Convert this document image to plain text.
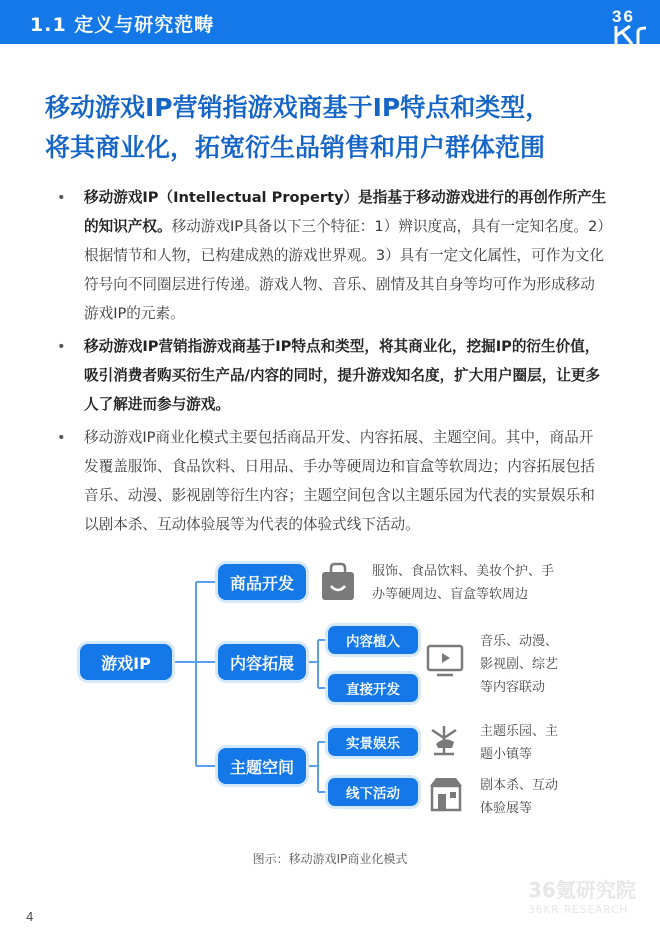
1.1 定义与研究范畴	36
移动游戏IP营销指游戏商基于IP特点和类型，
将其商业化，拓宽衍生品销售和用户群体范围
• 移动游戏IP（Intellectual Property）是指基于移动游戏进行的再创作所产生的知识产权。移动游戏IP具备以下三个特征：1）辨识度高，具有一定知名度。2）根据情节和人物，已构建成熟的游戏世界观。3）具有一定文化属性，可作为文化符号向不同圈层进行传递。游戏人物、音乐、剧情及其自身等均可作为形成移动游戏IP的元素。
• 移动游戏IP营销指游戏商基于IP特点和类型，将其商业化，挖掘IP的衍生价值，吸引消费者购买衍生产品/内容的同时，提升游戏知名度，扩大用户圈层，让更多人了解进而参与游戏。
• 移动游戏IP商业化模式主要包括商品开发、内容拓展、主题空间。其中，商品开发覆盖服饰、食品饮料、日用品、手办等硬周边和盲盒等软周边；内容拓展包括音乐、动漫、影视剧等衍生内容；主题空间包含以主题乐园为代表的实景娱乐和以剧本杀、互动体验展等为代表的体验式线下活动。
游戏IP
商品开发
内容拓展
主题空间
内容植入
直接开发
实景娱乐
线下活动
服饰、食品饮料、美妆个护、手
办等硬周边、盲盒等软周边
音乐、动漫、
影视剧、综艺
等内容联动
主题乐园、主
题小镇等
剧本杀、互动
体验展等
图示：移动游戏IP商业化模式
36氪研究院
36KR RESEARCH
4
